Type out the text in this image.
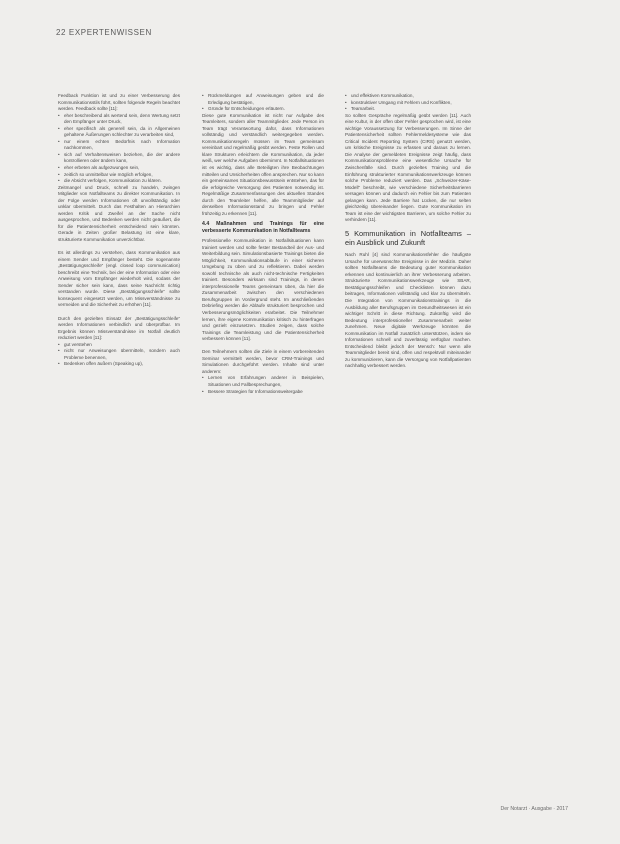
22 EXPERTENWISSEN

Feedback Funktion ist und zu einer Verbesserung des Kommunikationsstils führt, sollten folgende Regeln beachtet werden. Feedback sollte [11]:

• eher beschreibend als wertend sein, denn Wertung setzt den Empfänger unter Druck,
• eher spezifisch als generell sein, da in Allgemeinen gehaltene Äußerungen schlechter zu verarbeiten sind,
• nur einem echten Bedürfnis nach Information nachkommen,
• sich auf Verhaltensweisen beziehen, die der andere kontrollieren oder ändern kann,
• eher erbeten als aufgezwungen sein,
• zeitlich so unmittelbar wie möglich erfolgen,
• die Absicht verfolgen, Kommunikation zu klären.

Zeitmangel und Druck, schnell zu handeln, zwingen Mitglieder von Notfallteams zu direkter Kommunikation. In der Folge werden Informationen oft unvollständig oder unklar übermittelt. Durch das Festhalten an Hierarchien werden Kritik und Zweifel an der Sache nicht ausgesprochen, und Bedenken werden nicht geäußert, die für die Patientensicherheit entscheidend sein könnten. Gerade in Zeiten großer Belastung ist eine klare, strukturierte Kommunikation unverzichtbar.

Es ist allerdings zu verstehen, dass Kommunikation aus einem Sender und Empfänger besteht. Die sogenannte „Bestätigungsschleife“ (engl. closed loop communication) beschreibt eine Technik, bei der eine Information oder eine Anweisung vom Empfänger wiederholt wird, sodass der Sender sicher sein kann, dass seine Nachricht richtig verstanden wurde. Diese „Bestätigungsschleife“ sollte konsequent eingesetzt werden, um Missverständnisse zu vermeiden und die Sicherheit zu erhöhen [11].

Durch den gezielten Einsatz der „Bestätigungsschleife“ werden Informationen verbindlich und überprüfbar. Im Ergebnis können Missverständnisse im Notfall deutlich reduziert werden [11]:

• gut verstehen
• nicht nur Anweisungen übermitteln, sondern auch Probleme benennen,
• Bedenken offen äußern (Speaking up),
• Rückmeldungen auf Anweisungen geben und die Erledigung bestätigen,
• Gründe für Entscheidungen erläutern.

Diese gute Kommunikation ist nicht nur Aufgabe des Teamleiters, sondern aller Teammitglieder. Jede Person im Team trägt Verantwortung dafür, dass Informationen vollständig und verständlich weitergegeben werden. Kommunikationsregeln müssen im Team gemeinsam vereinbart und regelmäßig geübt werden. Feste Rollen und klare Strukturen erleichtern die Kommunikation, da jeder weiß, wer welche Aufgaben übernimmt. In Notfallsituationen ist es wichtig, dass alle Beteiligten ihre Beobachtungen mitteilen und Unsicherheiten offen ansprechen. Nur so kann ein gemeinsames Situationsbewusstsein entstehen, das für die erfolgreiche Versorgung des Patienten notwendig ist. Regelmäßige Zusammenfassungen des aktuellen Standes durch den Teamleiter helfen, alle Teammitglieder auf denselben Informationsstand zu bringen und Fehler frühzeitig zu erkennen [11].

4.4 Maßnahmen und Trainings für eine verbesserte Kommunikation in Notfallteams

Professionelle Kommunikation in Notfallsituationen kann trainiert werden und sollte fester Bestandteil der Aus- und Weiterbildung sein. Simulationsbasierte Trainings bieten die Möglichkeit, Kommunikationsabläufe in einer sicheren Umgebung zu üben und zu reflektieren. Dabei werden sowohl technische als auch nicht-technische Fertigkeiten trainiert. Besonders wirksam sind Trainings, in denen interprofessionelle Teams gemeinsam üben, da hier die Zusammenarbeit zwischen den verschiedenen Berufsgruppen im Vordergrund steht. Im anschließenden Debriefing werden die Abläufe strukturiert besprochen und Verbesserungsmöglichkeiten erarbeitet. Die Teilnehmer lernen, ihre eigene Kommunikation kritisch zu hinterfragen und gezielt einzusetzen. Studien zeigen, dass solche Trainings die Teamleistung und die Patientensicherheit verbessern können [11].

Den Teilnehmern sollten die Ziele in einem vorbereitenden Seminar vermittelt werden, bevor CRM-Trainings und Simulationen durchgeführt werden. Inhalte sind unter anderem:

• Lernen von Erfahrungen anderer in Beispielen, Situationen und Fallbesprechungen,
• Bessere Strategien für Informationsweitergabe
• und effektiven Kommunikation,
• konstruktiver Umgang mit Fehlern und Konflikten,
• Teamarbeit.

So sollten Gespräche regelmäßig geübt werden [11]. Auch eine Kultur, in der offen über Fehler gesprochen wird, ist eine wichtige Voraussetzung für Verbesserungen. Im Sinne der Patientensicherheit sollten Fehlermeldesysteme wie das Critical Incident Reporting System (CIRS) genutzt werden, um kritische Ereignisse zu erfassen und daraus zu lernen. Die Analyse der gemeldeten Ereignisse zeigt häufig, dass Kommunikationsprobleme eine wesentliche Ursache für Zwischenfälle sind. Durch gezieltes Training und die Einführung strukturierter Kommunikationswerkzeuge können solche Probleme reduziert werden. Das „Schweizer-Käse-Modell“ beschreibt, wie verschiedene Sicherheitsbarrieren versagen können und dadurch ein Fehler bis zum Patienten gelangen kann. Jede Barriere hat Lücken, die nur selten gleichzeitig übereinander liegen. Gute Kommunikation im Team ist eine der wichtigsten Barrieren, um solche Fehler zu verhindern [11].

5 Kommunikation in Notfallteams – ein Ausblick und Zukunft

Nach Ruhl [4] sind Kommunikationsfehler die häufigste Ursache für unerwünschte Ereignisse in der Medizin. Daher sollten Notfallteams die Bedeutung guter Kommunikation erkennen und kontinuierlich an ihrer Verbesserung arbeiten. Strukturierte Kommunikationswerkzeuge wie SBAR, Bestätigungsschleifen und Checklisten können dazu beitragen, Informationen vollständig und klar zu übermitteln. Die Integration von Kommunikationstrainings in die Ausbildung aller Berufsgruppen im Gesundheitswesen ist ein wichtiger Schritt in diese Richtung. Zukünftig wird die Bedeutung interprofessioneller Zusammenarbeit weiter zunehmen. Neue digitale Werkzeuge könnten die Kommunikation im Notfall zusätzlich unterstützen, indem sie Informationen schnell und zuverlässig verfügbar machen. Entscheidend bleibt jedoch der Mensch: Nur wenn alle Teammitglieder bereit sind, offen und respektvoll miteinander zu kommunizieren, kann die Versorgung von Notfallpatienten nachhaltig verbessert werden.

Der Notarzt · Ausgabe · 2017
